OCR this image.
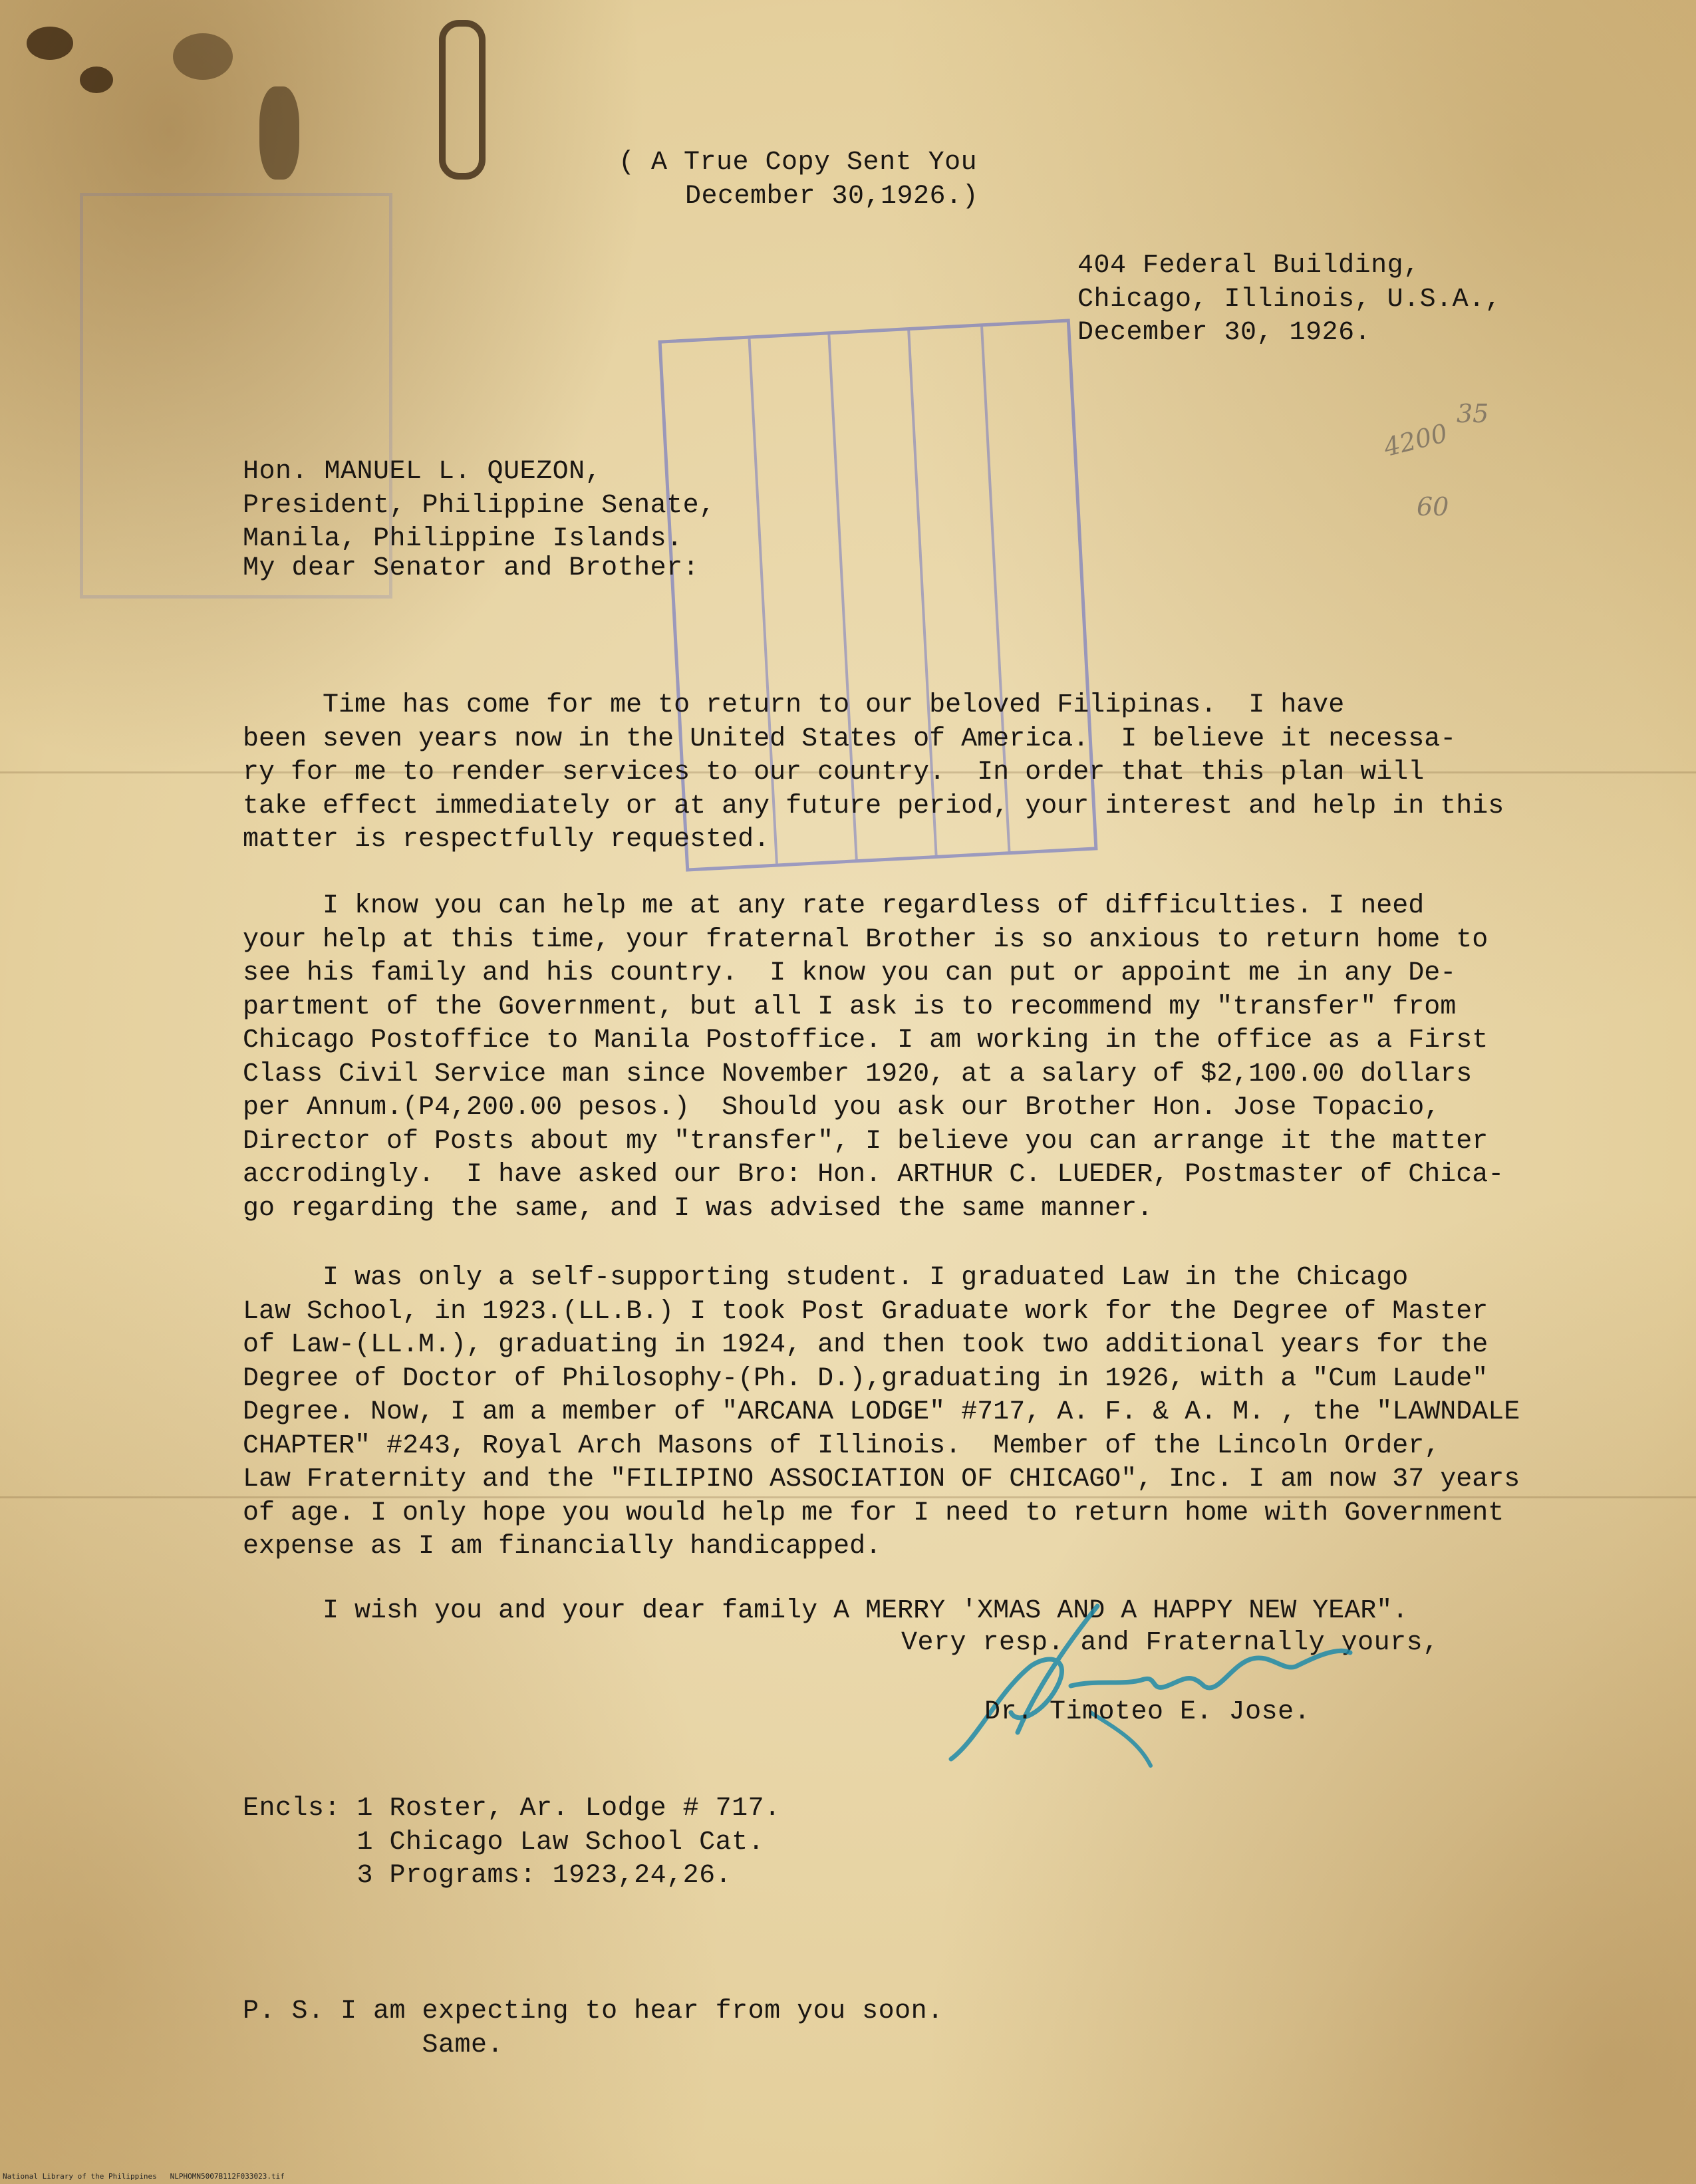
35
4200
60

( A True Copy Sent You
December 30,1926.)

404 Federal Building,
Chicago, Illinois, U.S.A.,
December 30, 1926.

Hon. MANUEL L. QUEZON,
President, Philippine Senate,
Manila, Philippine Islands.

My dear Senator and Brother:

Time has come for me to return to our beloved Filipinas.  I have
been seven years now in the United States of America.  I believe it necessa-
ry for me to render services to our country.  In order that this plan will
take effect immediately or at any future period, your interest and help in this
matter is respectfully requested.

I know you can help me at any rate regardless of difficulties. I need
your help at this time, your fraternal Brother is so anxious to return home to
see his family and his country.  I know you can put or appoint me in any De-
partment of the Government, but all I ask is to recommend my "transfer" from
Chicago Postoffice to Manila Postoffice. I am working in the office as a First
Class Civil Service man since November 1920, at a salary of $2,100.00 dollars
per Annum.(P4,200.00 pesos.)  Should you ask our Brother Hon. Jose Topacio,
Director of Posts about my "transfer", I believe you can arrange it the matter
accrodingly.  I have asked our Bro: Hon. ARTHUR C. LUEDER, Postmaster of Chica-
go regarding the same, and I was advised the same manner.

I was only a self-supporting student. I graduated Law in the Chicago
Law School, in 1923.(LL.B.) I took Post Graduate work for the Degree of Master
of Law-(LL.M.), graduating in 1924, and then took two additional years for the
Degree of Doctor of Philosophy-(Ph. D.),graduating in 1926, with a "Cum Laude"
Degree. Now, I am a member of "ARCANA LODGE" #717, A. F. & A. M. , the "LAWNDALE
CHAPTER" #243, Royal Arch Masons of Illinois.  Member of the Lincoln Order,
Law Fraternity and the "FILIPINO ASSOCIATION OF CHICAGO", Inc. I am now 37 years
of age. I only hope you would help me for I need to return home with Government
expense as I am financially handicapped.

I wish you and your dear family A MERRY 'XMAS AND A HAPPY NEW YEAR".

Very resp. and Fraternally yours,
Dr. Timoteo E. Jose.

Encls: 1 Roster, Ar. Lodge # 717.
1 Chicago Law School Cat.
3 Programs: 1923,24,26.

P. S. I am expecting to hear from you soon.
Same.

National Library of the Philippines   NLPHOMN5007B112F033023.tif
